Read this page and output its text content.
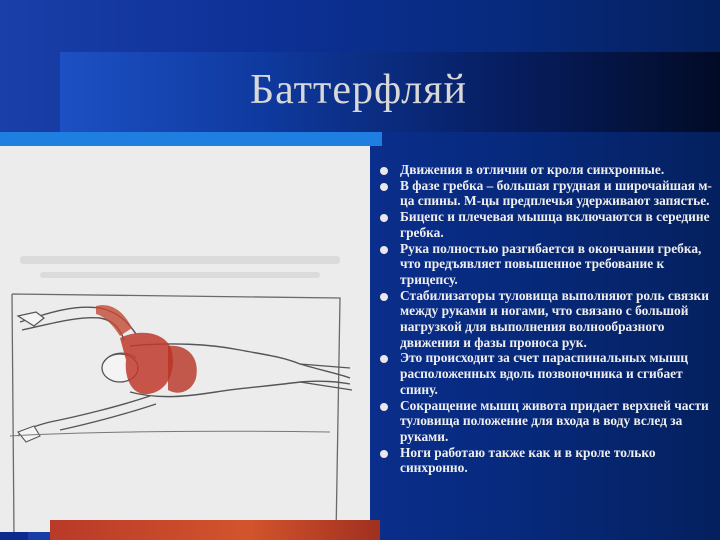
Баттерфляй
Движения в отличии от кроля синхронные.
В фазе гребка – большая грудная и широчайшая м-ца спины. М-цы предплечья удерживают запястье.
Бицепс и плечевая мышца включаются в середине гребка.
Рука полностью разгибается в окончании гребка, что предъявляет повышенное требование к трицепсу.
Стабилизаторы туловища выполняют роль связки между руками и ногами, что связано с большой нагрузкой для выполнения волнообразного движения и фазы проноса рук.
Это происходит за счет параспинальных мышц расположенных вдоль позвоночника и сгибает спину.
Сокращение мышц живота придает верхней части туловища положение для входа в воду вслед за руками.
Ноги работаю также как и в кроле только синхронно.
